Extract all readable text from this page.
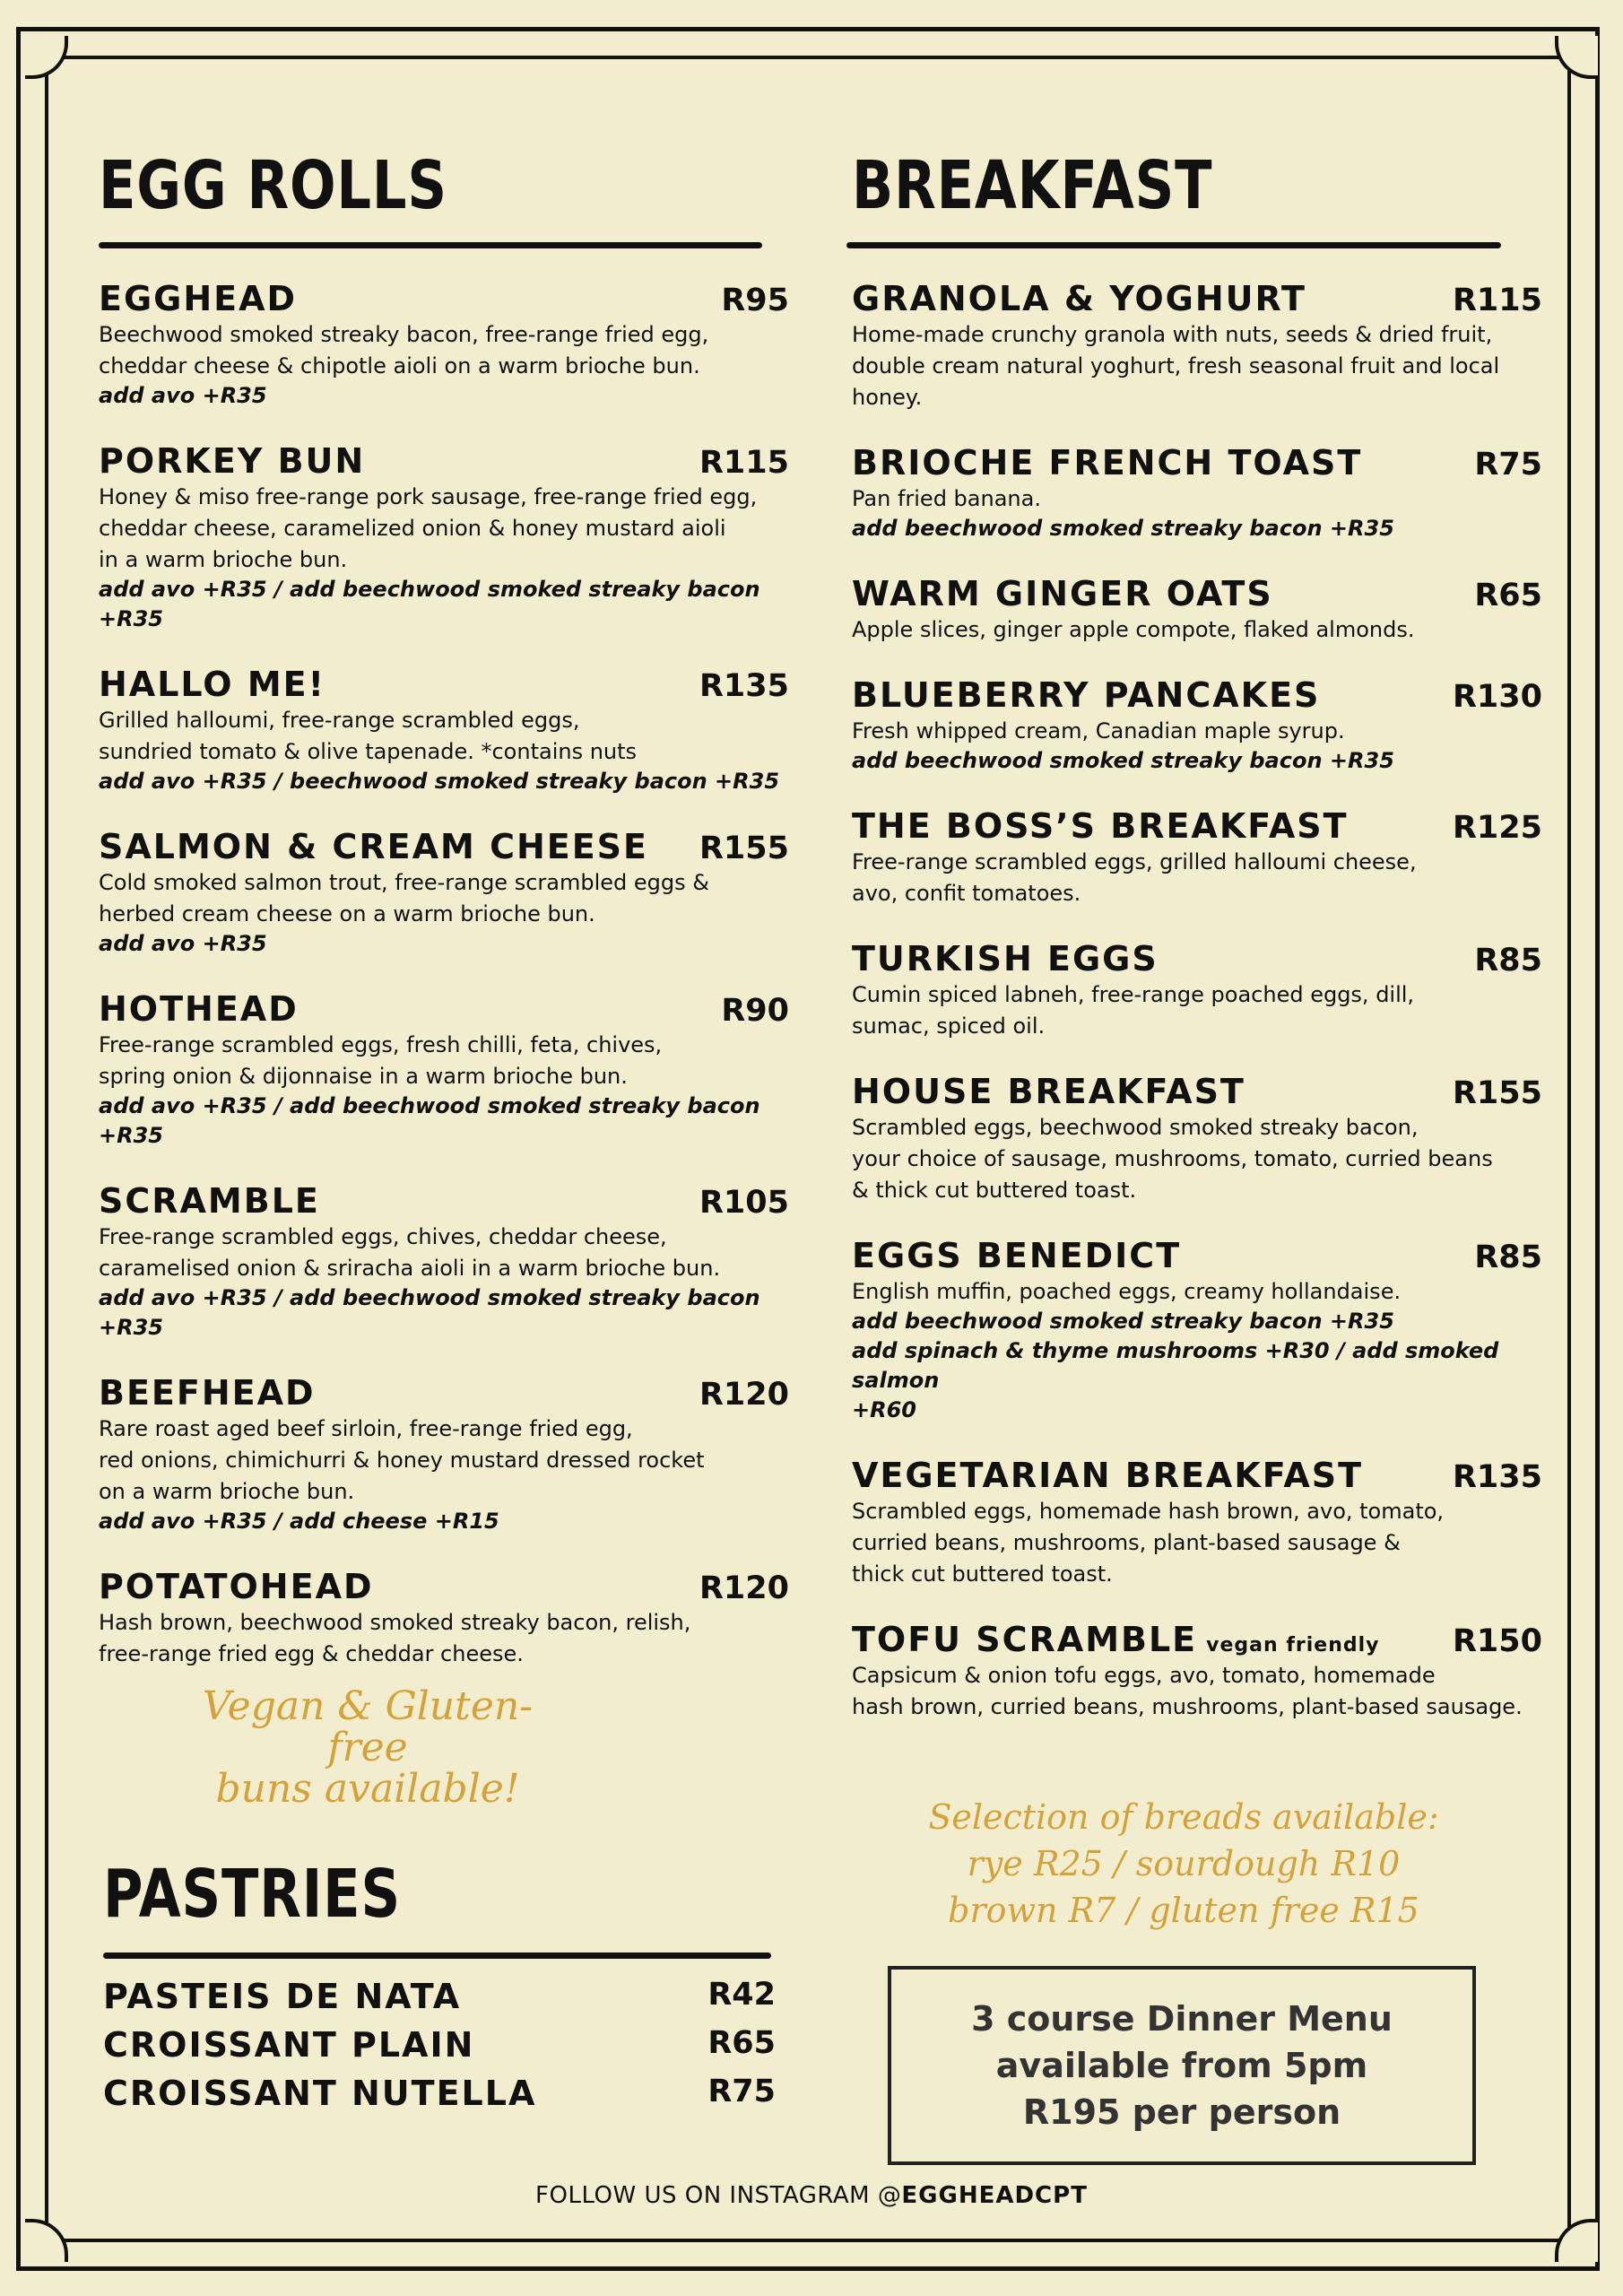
EGG ROLLS
EGGHEAD	R95
Beechwood smoked streaky bacon, free-range fried egg,
cheddar cheese & chipotle aioli on a warm brioche bun.
add avo +R35
PORKEY BUN	R115
Honey & miso free-range pork sausage, free-range fried egg,
cheddar cheese, caramelized onion & honey mustard aioli
in a warm brioche bun.
add avo +R35 / add beechwood smoked streaky bacon +R35
HALLO ME!	R135
Grilled halloumi, free-range scrambled eggs,
sundried tomato & olive tapenade. *contains nuts
add avo +R35 / beechwood smoked streaky bacon +R35
SALMON & CREAM CHEESE R155
Cold smoked salmon trout, free-range scrambled eggs &
herbed cream cheese on a warm brioche bun.
add avo +R35
HOTHEAD	R90
Free-range scrambled eggs, fresh chilli, feta, chives,
spring onion & dijonnaise in a warm brioche bun.
add avo +R35 / add beechwood smoked streaky bacon +R35
SCRAMBLE	R105
Free-range scrambled eggs, chives, cheddar cheese,
caramelised onion & sriracha aioli in a warm brioche bun.
add avo +R35 / add beechwood smoked streaky bacon +R35
BEEFHEAD	R120
Rare roast aged beef sirloin, free-range fried egg,
red onions, chimichurri & honey mustard dressed rocket
on a warm brioche bun.
add avo +R35 / add cheese +R15
POTATOHEAD	R120
Hash brown, beechwood smoked streaky bacon, relish,
free-range fried egg & cheddar cheese.
Vegan & Gluten-free
buns available!
PASTRIES
PASTEIS DE NATA	R42
CROISSANT PLAIN	R65
CROISSANT NUTELLA	R75
BREAKFAST
GRANOLA & YOGHURT	R115
Home-made crunchy granola with nuts, seeds & dried fruit,
double cream natural yoghurt, fresh seasonal fruit and local
honey.
BRIOCHE FRENCH TOAST	R75
Pan fried banana.
add beechwood smoked streaky bacon +R35
WARM GINGER OATS	R65
Apple slices, ginger apple compote, flaked almonds.
BLUEBERRY PANCAKES	R130
Fresh whipped cream, Canadian maple syrup.
add beechwood smoked streaky bacon +R35
THE BOSS’S BREAKFAST	R125
Free-range scrambled eggs, grilled halloumi cheese,
avo, confit tomatoes.
TURKISH EGGS	R85
Cumin spiced labneh, free-range poached eggs, dill,
sumac, spiced oil.
HOUSE BREAKFAST	R155
Scrambled eggs, beechwood smoked streaky bacon,
your choice of sausage, mushrooms, tomato, curried beans
& thick cut buttered toast.
EGGS BENEDICT	R85
English muffin, poached eggs, creamy hollandaise.
add beechwood smoked streaky bacon +R35
add spinach & thyme mushrooms +R30 / add smoked salmon
+R60
VEGETARIAN BREAKFAST	R135
Scrambled eggs, homemade hash brown, avo, tomato,
curried beans, mushrooms, plant-based sausage &
thick cut buttered toast.
TOFU SCRAMBLE vegan friendly R150
Capsicum & onion tofu eggs, avo, tomato, homemade
hash brown, curried beans, mushrooms, plant-based sausage.
Selection of breads available:
rye R25 / sourdough R10
brown R7 / gluten free R15
3 course Dinner Menu
available from 5pm
R195 per person
FOLLOW US ON INSTAGRAM @EGGHEADCPT
